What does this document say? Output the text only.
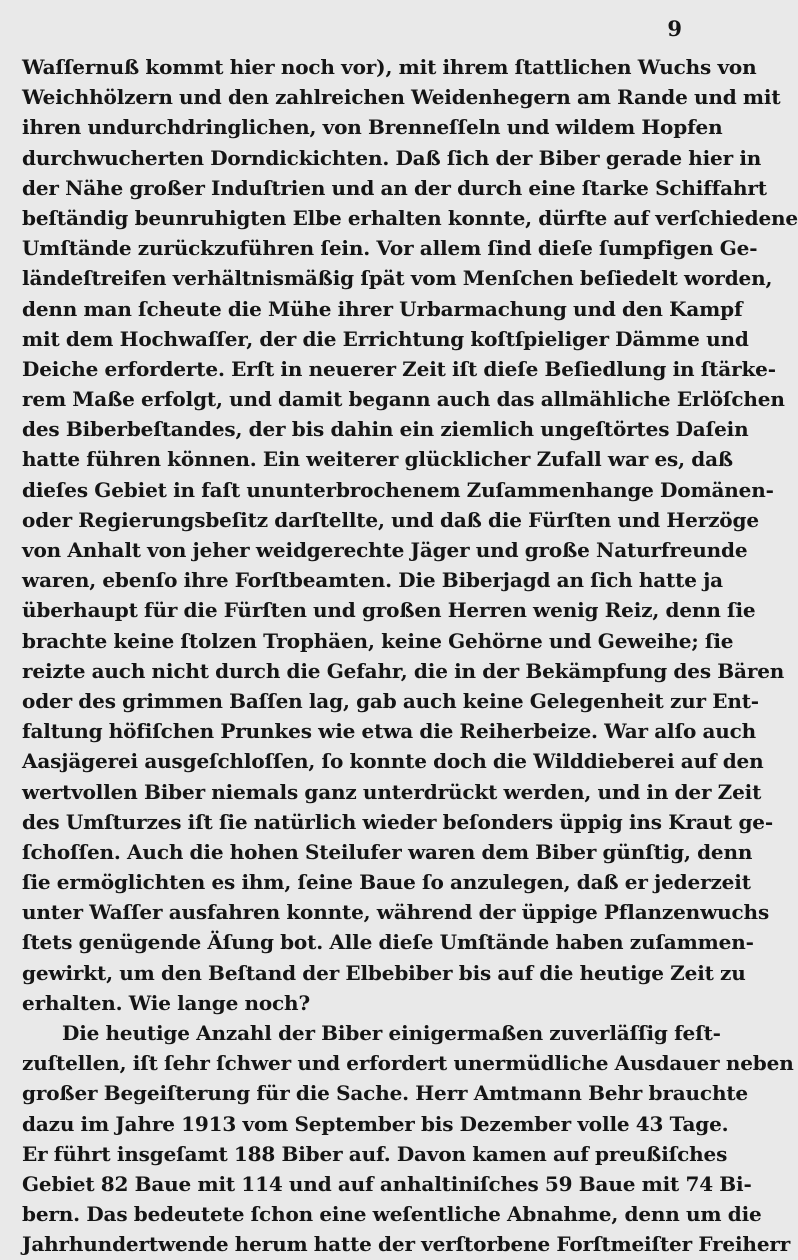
9
Waſſernuß kommt hier noch vor), mit ihrem ſtattlichen Wuchs von
Weichhölzern und den zahlreichen Weidenhegern am Rande und mit
ihren undurchdringlichen, von Brenneſſeln und wildem Hopfen
durchwucherten Dorndickichten. Daß ſich der Biber gerade hier in
der Nähe großer Induſtrien und an der durch eine ſtarke Schiffahrt
beſtändig beunruhigten Elbe erhalten konnte, dürfte auf verſchiedene
Umſtände zurückzuführen ſein. Vor allem ſind dieſe ſumpfigen Ge-
ländeſtreifen verhältnismäßig ſpät vom Menſchen beſiedelt worden,
denn man ſcheute die Mühe ihrer Urbarmachung und den Kampf
mit dem Hochwaſſer, der die Errichtung koſtſpieliger Dämme und
Deiche erforderte. Erſt in neuerer Zeit iſt dieſe Beſiedlung in ſtärke-
rem Maße erfolgt, und damit begann auch das allmähliche Erlöſchen
des Biberbeſtandes, der bis dahin ein ziemlich ungeſtörtes Daſein
hatte führen können. Ein weiterer glücklicher Zufall war es, daß
dieſes Gebiet in faſt ununterbrochenem Zuſammenhange Domänen-
oder Regierungsbeſitz darſtellte, und daß die Fürſten und Herzöge
von Anhalt von jeher weidgerechte Jäger und große Naturfreunde
waren, ebenſo ihre Forſtbeamten. Die Biberjagd an ſich hatte ja
überhaupt für die Fürſten und großen Herren wenig Reiz, denn ſie
brachte keine ſtolzen Trophäen, keine Gehörne und Geweihe; ſie
reizte auch nicht durch die Gefahr, die in der Bekämpfung des Bären
oder des grimmen Baſſen lag, gab auch keine Gelegenheit zur Ent-
faltung höfiſchen Prunkes wie etwa die Reiherbeize. War alſo auch
Aasjägerei ausgeſchloſſen, ſo konnte doch die Wilddieberei auf den
wertvollen Biber niemals ganz unterdrückt werden, und in der Zeit
des Umſturzes iſt ſie natürlich wieder beſonders üppig ins Kraut ge-
ſchoſſen. Auch die hohen Steilufer waren dem Biber günſtig, denn
ſie ermöglichten es ihm, ſeine Baue ſo anzulegen, daß er jederzeit
unter Waſſer ausfahren konnte, während der üppige Pflanzenwuchs
ſtets genügende Äſung bot. Alle dieſe Umſtände haben zuſammen-
gewirkt, um den Beſtand der Elbebiber bis auf die heutige Zeit zu
erhalten. Wie lange noch?
Die heutige Anzahl der Biber einigermaßen zuverläſſig feſt-
zuſtellen, iſt ſehr ſchwer und erfordert unermüdliche Ausdauer neben
großer Begeiſterung für die Sache. Herr Amtmann Behr brauchte
dazu im Jahre 1913 vom September bis Dezember volle 43 Tage.
Er führt insgeſamt 188 Biber auf. Davon kamen auf preußiſches
Gebiet 82 Baue mit 114 und auf anhaltiniſches 59 Baue mit 74 Bi-
bern. Das bedeutete ſchon eine weſentliche Abnahme, denn um die
Jahrhundertwende herum hatte der verſtorbene Forſtmeiſter Freiherr
